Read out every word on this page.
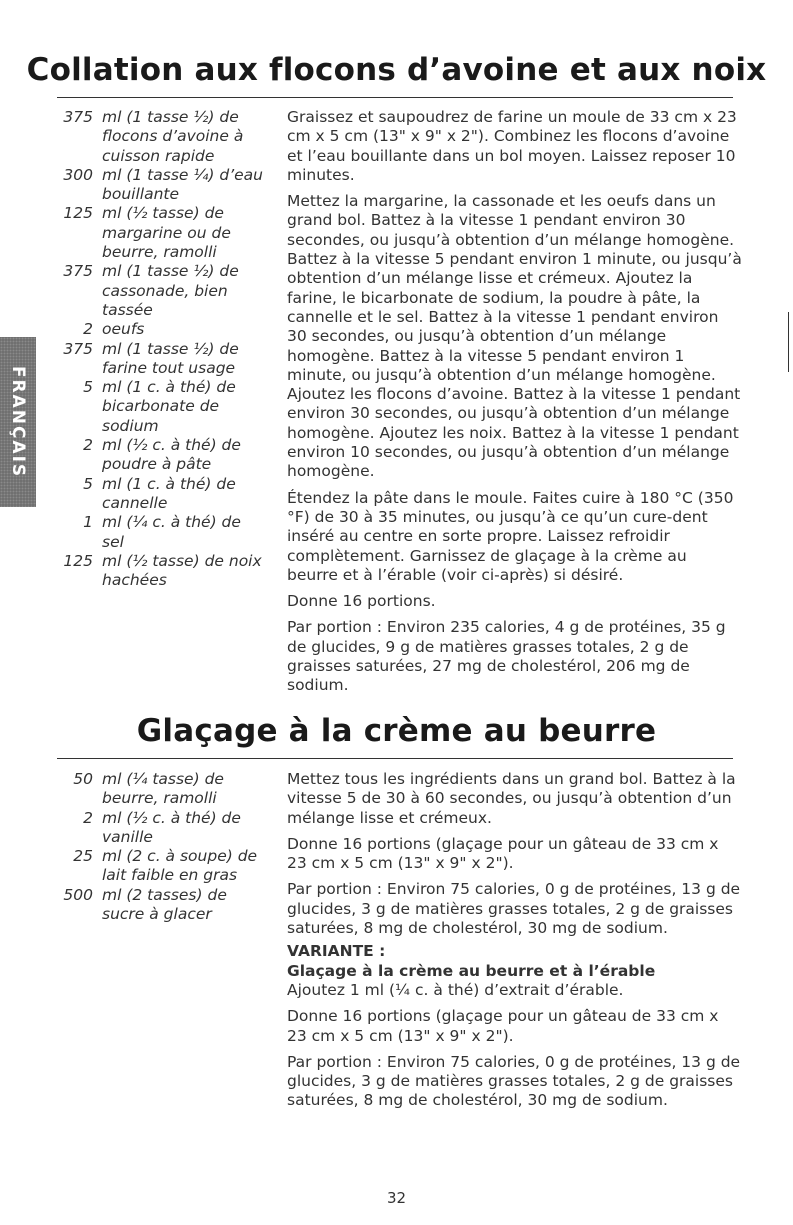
Collation aux flocons d’avoine et aux noix
375 ml (1 tasse ½) de flocons d’avoine à cuisson rapide
300 ml (1 tasse ¼) d’eau bouillante
125 ml (½ tasse) de margarine ou de beurre, ramolli
375 ml (1 tasse ½) de cassonade, bien tassée
2 oeufs
375 ml (1 tasse ½) de farine tout usage
5 ml (1 c. à thé) de bicarbonate de sodium
2 ml (½ c. à thé) de poudre à pâte
5 ml (1 c. à thé) de cannelle
1 ml (¼ c. à thé) de sel
125 ml (½ tasse) de noix hachées

Graissez et saupoudrez de farine un moule de 33 cm x 23 cm x 5 cm (13" x 9" x 2"). Combinez les flocons d’avoine et l’eau bouillante dans un bol moyen. Laissez reposer 10 minutes.

Mettez la margarine, la cassonade et les oeufs dans un grand bol. Battez à la vitesse 1 pendant environ 30 secondes, ou jusqu’à obtention d’un mélange homogène. Battez à la vitesse 5 pendant environ 1 minute, ou jusqu’à obtention d’un mélange lisse et crémeux. Ajoutez la farine, le bicarbonate de sodium, la poudre à pâte, la cannelle et le sel. Battez à la vitesse 1 pendant environ 30 secondes, ou jusqu’à obtention d’un mélange homogène. Battez à la vitesse 5 pendant environ 1 minute, ou jusqu’à obtention d’un mélange homogène. Ajoutez les flocons d’avoine. Battez à la vitesse 1 pendant environ 30 secondes, ou jusqu’à obtention d’un mélange homogène. Ajoutez les noix. Battez à la vitesse 1 pendant environ 10 secondes, ou jusqu’à obtention d’un mélange homogène.

Étendez la pâte dans le moule. Faites cuire à 180 °C (350 °F) de 30 à 35 minutes, ou jusqu’à ce qu’un cure-dent inséré au centre en sorte propre. Laissez refroidir complètement. Garnissez de glaçage à la crème au beurre et à l’érable (voir ci-après) si désiré.

Donne 16 portions.

Par portion : Environ 235 calories, 4 g de protéines, 35 g de glucides, 9 g de matières grasses totales, 2 g de graisses saturées, 27 mg de cholestérol, 206 mg de sodium.

Glaçage à la crème au beurre
50 ml (¼ tasse) de beurre, ramolli
2 ml (½ c. à thé) de vanille
25 ml (2 c. à soupe) de lait faible en gras
500 ml (2 tasses) de sucre à glacer

Mettez tous les ingrédients dans un grand bol. Battez à la vitesse 5 de 30 à 60 secondes, ou jusqu’à obtention d’un mélange lisse et crémeux.

Donne 16 portions (glaçage pour un gâteau de 33 cm x 23 cm x 5 cm (13" x 9" x 2").

Par portion : Environ 75 calories, 0 g de protéines, 13 g de glucides, 3 g de matières grasses totales, 2 g de graisses saturées, 8 mg de cholestérol, 30 mg de sodium.

VARIANTE :
Glaçage à la crème au beurre et à l’érable

Ajoutez 1 ml (¼ c. à thé) d’extrait d’érable.

Donne 16 portions (glaçage pour un gâteau de 33 cm x 23 cm x 5 cm (13" x 9" x 2").

Par portion : Environ 75 calories, 0 g de protéines, 13 g de glucides, 3 g de matières grasses totales, 2 g de graisses saturées, 8 mg de cholestérol, 30 mg de sodium.

FRANÇAIS
32
